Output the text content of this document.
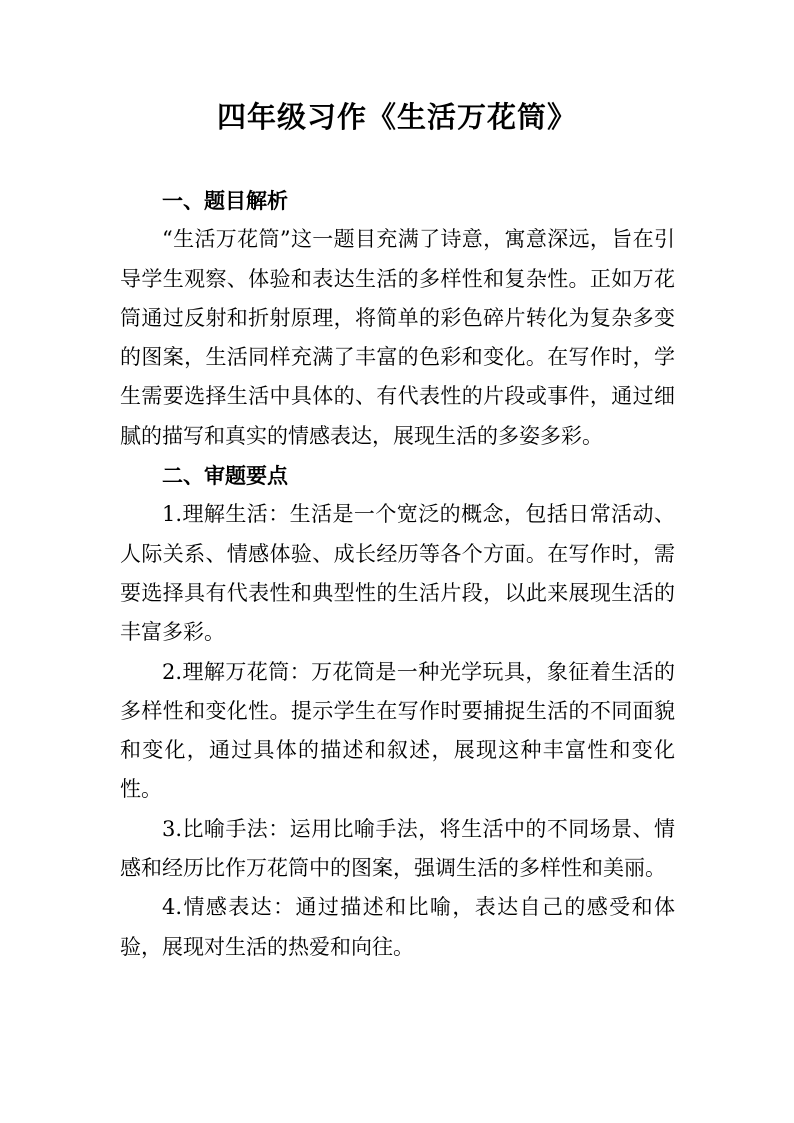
四年级习作《生活万花筒》

一、题目解析

“生活万花筒”这一题目充满了诗意，寓意深远，旨在引导学生观察、体验和表达生活的多样性和复杂性。正如万花筒通过反射和折射原理，将简单的彩色碎片转化为复杂多变的图案，生活同样充满了丰富的色彩和变化。在写作时，学生需要选择生活中具体的、有代表性的片段或事件，通过细腻的描写和真实的情感表达，展现生活的多姿多彩。

二、审题要点

1.理解生活：生活是一个宽泛的概念，包括日常活动、人际关系、情感体验、成长经历等各个方面。在写作时，需要选择具有代表性和典型性的生活片段，以此来展现生活的丰富多彩。

2.理解万花筒：万花筒是一种光学玩具，象征着生活的多样性和变化性。提示学生在写作时要捕捉生活的不同面貌和变化，通过具体的描述和叙述，展现这种丰富性和变化性。

3.比喻手法：运用比喻手法，将生活中的不同场景、情感和经历比作万花筒中的图案，强调生活的多样性和美丽。

4.情感表达：通过描述和比喻，表达自己的感受和体验，展现对生活的热爱和向往。
